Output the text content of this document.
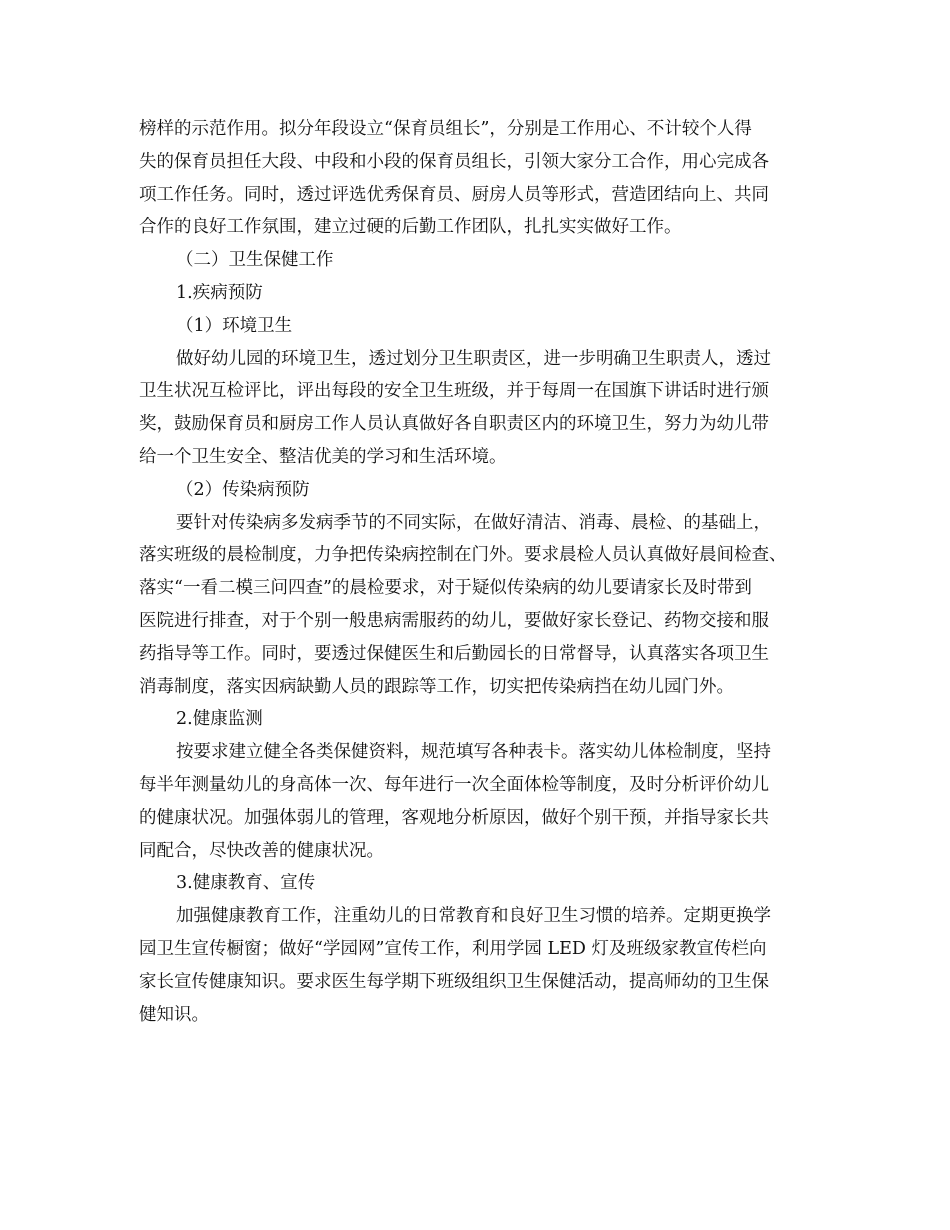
榜样的示范作用。拟分年段设立“保育员组长”，分别是工作用心、不计较个人得
失的保育员担任大段、中段和小段的保育员组长，引领大家分工合作，用心完成各
项工作任务。同时，透过评选优秀保育员、厨房人员等形式，营造团结向上、共同
合作的良好工作氛围，建立过硬的后勤工作团队，扎扎实实做好工作。
（二）卫生保健工作
1.疾病预防
（1）环境卫生
做好幼儿园的环境卫生，透过划分卫生职责区，进一步明确卫生职责人，透过
卫生状况互检评比，评出每段的安全卫生班级，并于每周一在国旗下讲话时进行颁
奖，鼓励保育员和厨房工作人员认真做好各自职责区内的环境卫生，努力为幼儿带
给一个卫生安全、整洁优美的学习和生活环境。
（2）传染病预防
要针对传染病多发病季节的不同实际，在做好清洁、消毒、晨检、的基础上，
落实班级的晨检制度，力争把传染病控制在门外。要求晨检人员认真做好晨间检查、
落实“一看二模三问四查”的晨检要求，对于疑似传染病的幼儿要请家长及时带到
医院进行排查，对于个别一般患病需服药的幼儿，要做好家长登记、药物交接和服
药指导等工作。同时，要透过保健医生和后勤园长的日常督导，认真落实各项卫生
消毒制度，落实因病缺勤人员的跟踪等工作，切实把传染病挡在幼儿园门外。
2.健康监测
按要求建立健全各类保健资料，规范填写各种表卡。落实幼儿体检制度，坚持
每半年测量幼儿的身高体一次、每年进行一次全面体检等制度，及时分析评价幼儿
的健康状况。加强体弱儿的管理，客观地分析原因，做好个别干预，并指导家长共
同配合，尽快改善的健康状况。
3.健康教育、宣传
加强健康教育工作，注重幼儿的日常教育和良好卫生习惯的培养。定期更换学
园卫生宣传橱窗；做好“学园网”宣传工作，利用学园 LED 灯及班级家教宣传栏向
家长宣传健康知识。要求医生每学期下班级组织卫生保健活动，提高师幼的卫生保
健知识。
